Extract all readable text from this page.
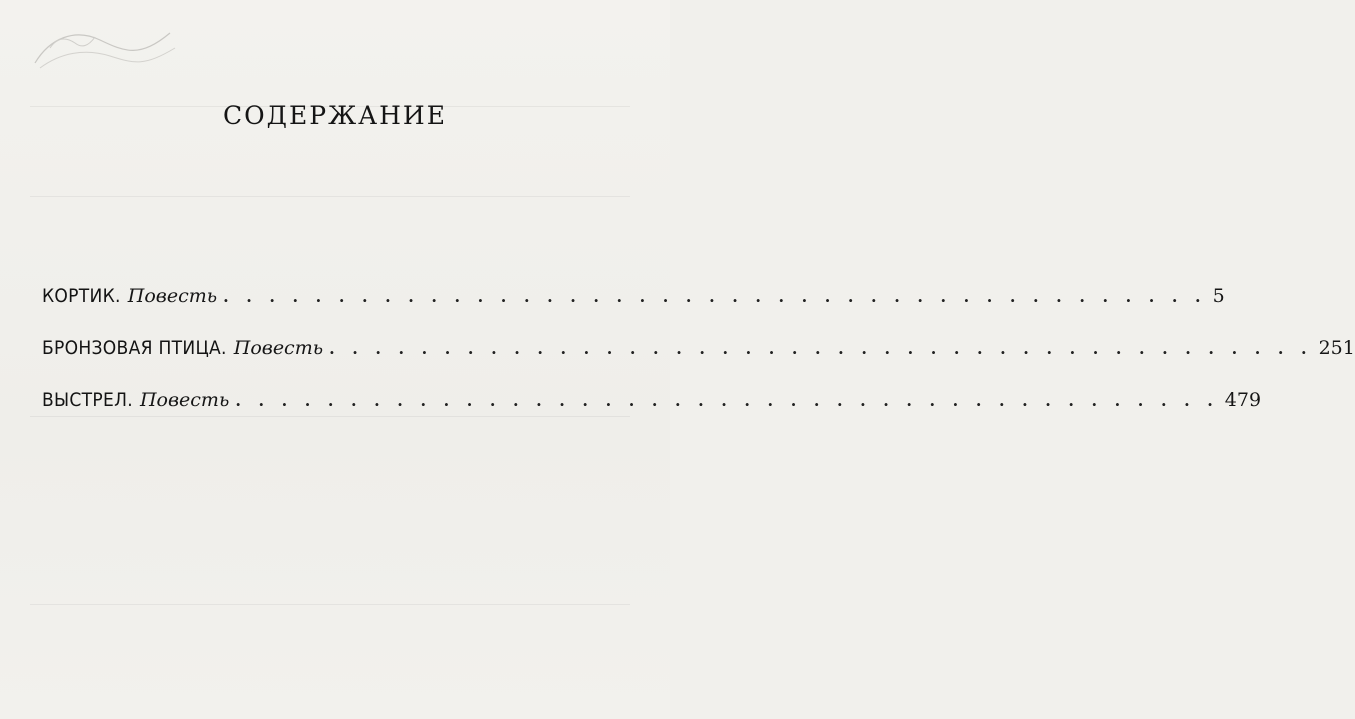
СОДЕРЖАНИЕ
КОРТИК. Повесть . . . . . . . . . . . . . . . . . . . . . . . . . . . . . . . . . . . . . . . . . . . 5
БРОНЗОВАЯ ПТИЦА. Повесть . . . . . . . . . . . . . . . . . . . . . . . . . . . . . . . . . . . . . . . . . . . 251
ВЫСТРЕЛ. Повесть . . . . . . . . . . . . . . . . . . . . . . . . . . . . . . . . . . . . . . . . . . . 479
